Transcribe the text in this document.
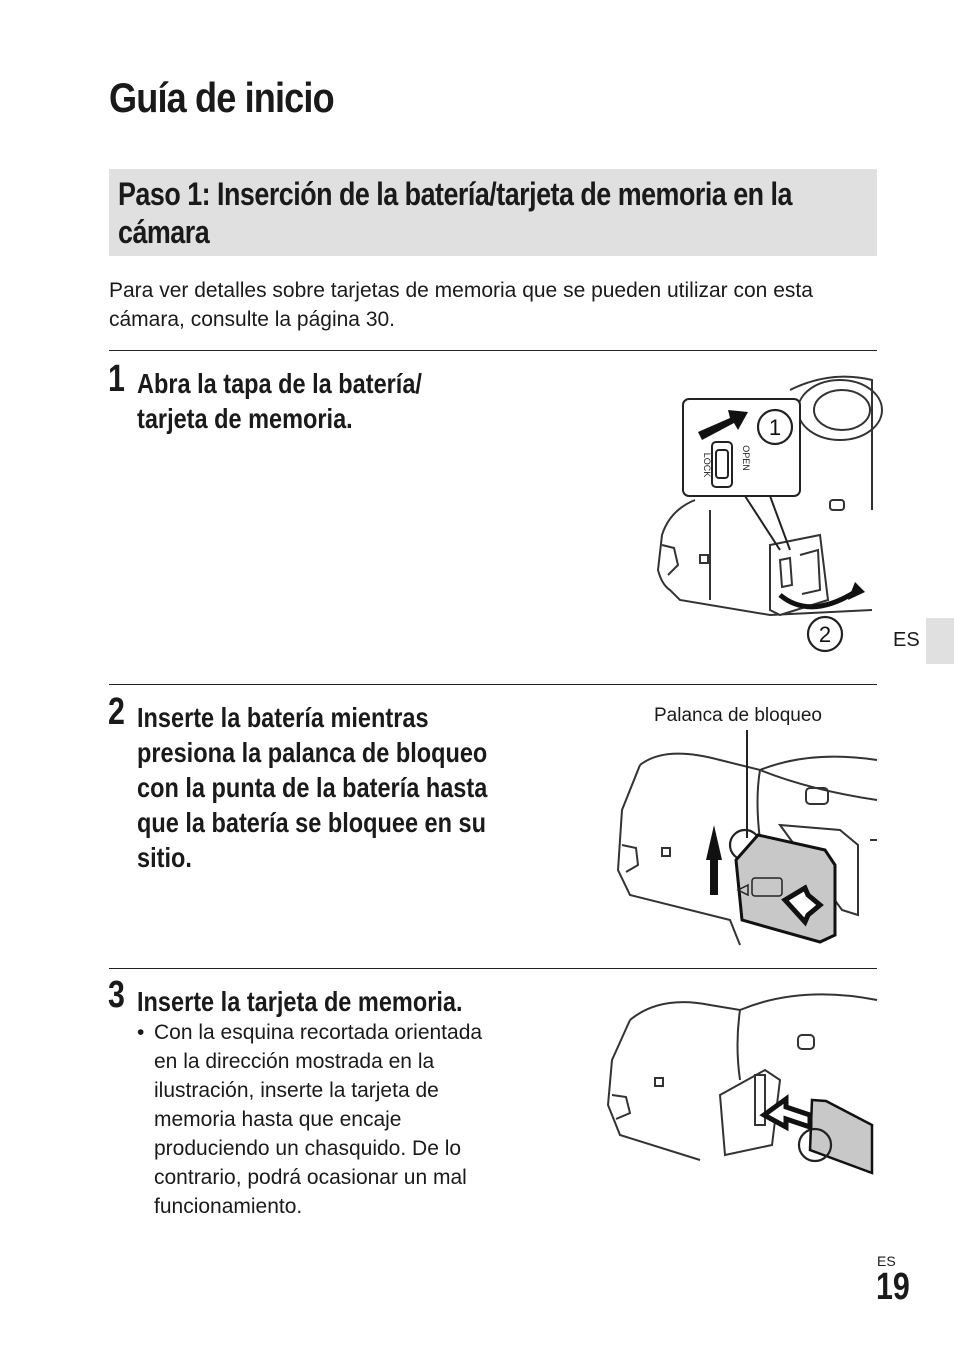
Guía de inicio
Paso 1: Inserción de la batería/tarjeta de memoria en la cámara

Para ver detalles sobre tarjetas de memoria que se pueden utilizar con esta cámara, consulte la página 30.

1 Abra la tapa de la batería/ tarjeta de memoria.

LOCK	OPEN
1
2	ES
2 Inserte la batería mientras presiona la palanca de bloqueo con la punta de la batería hasta que la batería se bloquee en su sitio.

Palanca de bloqueo
3 Inserte la tarjeta de memoria.

• Con la esquina recortada orientada en la dirección mostrada en la ilustración, inserte la tarjeta de memoria hasta que encaje produciendo un chasquido. De lo contrario, podrá ocasionar un mal funcionamiento.
ES
19
